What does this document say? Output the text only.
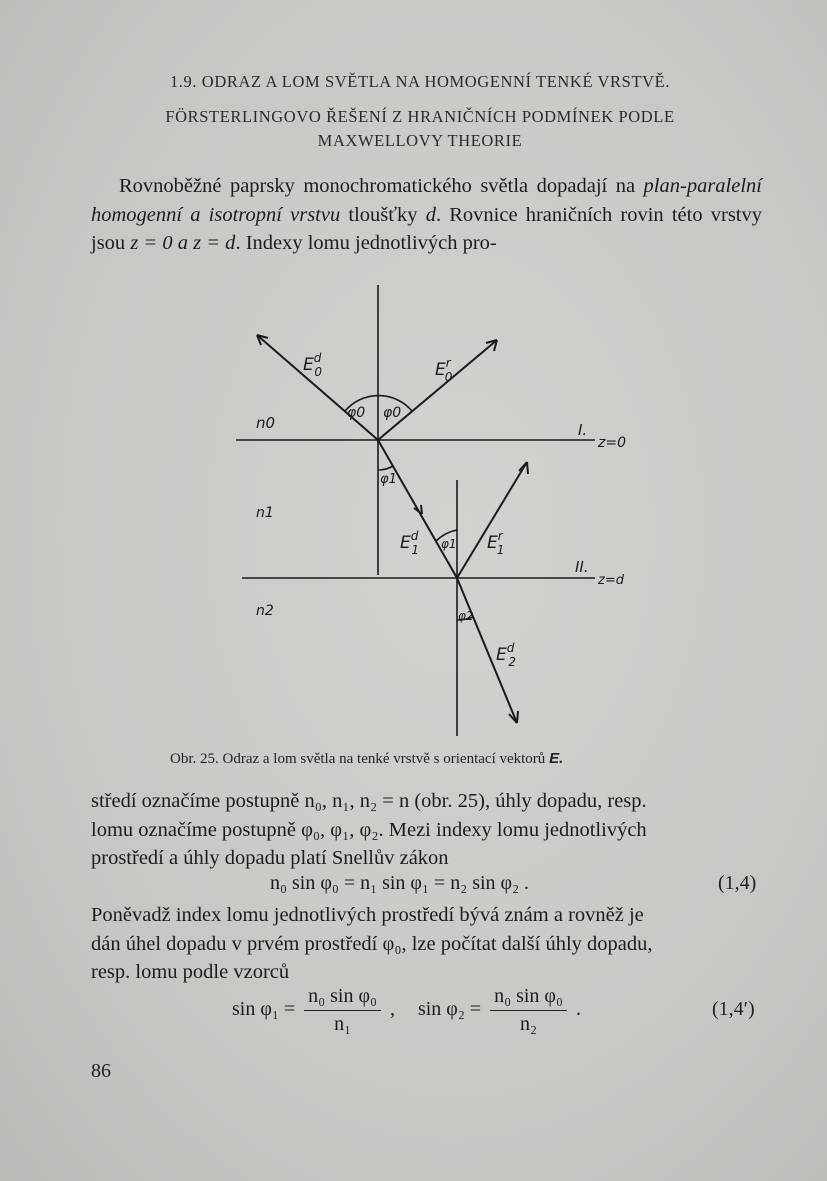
1.9. ODRAZ A LOM SVĚTLA NA HOMOGENNÍ TENKÉ VRSTVĚ.
FÖRSTERLINGOVO ŘEŠENÍ Z HRANIČNÍCH PODMÍNEK PODLE
MAXWELLOVY THEORIE
Rovnoběžné paprsky monochromatického světla dopadají na plan-paralelní homogenní a isotropní vrstvu tloušťky d. Rovnice hraničních rovin této vrstvy jsou z = 0 a z = d. Indexy lomu jednotlivých pro-
$E^d$ 0	$E^r$ 0
φ0 φ0
n0
n1
n2
φ1
$E^d$ 1 φ1 $E^r$ 1
I.
z=0
II.
z=d
φ2
$E^d$ 2
Obr. 25. Odraz a lom světla na tenké vrstvě s orientací vektorů E.
středí označíme postupně n₀, n₁, n₂ = n (obr. 25), úhly dopadu, resp.
lomu označíme postupně φ₀, φ₁, φ₂. Mezi indexy lomu jednotlivých
prostředí a úhly dopadu platí Snellův zákon
n₀ sin φ₀ = n₁ sin φ₁ = n₂ sin φ₂ .	(1,4)
Poněvadž index lomu jednotlivých prostředí bývá znám a rovněž je
dán úhel dopadu v prvém prostředí φ₀, lze počítat další úhly dopadu,
resp. lomu podle vzorců
$\sin \varphi_1 = \frac{\text{n₀ sin φ₀}}{\text{n₁}}$ , $\sin \varphi_2 = \frac{\text{n₀ sin φ₀}}{\text{n₂}}$ .	(1,4′)
86
